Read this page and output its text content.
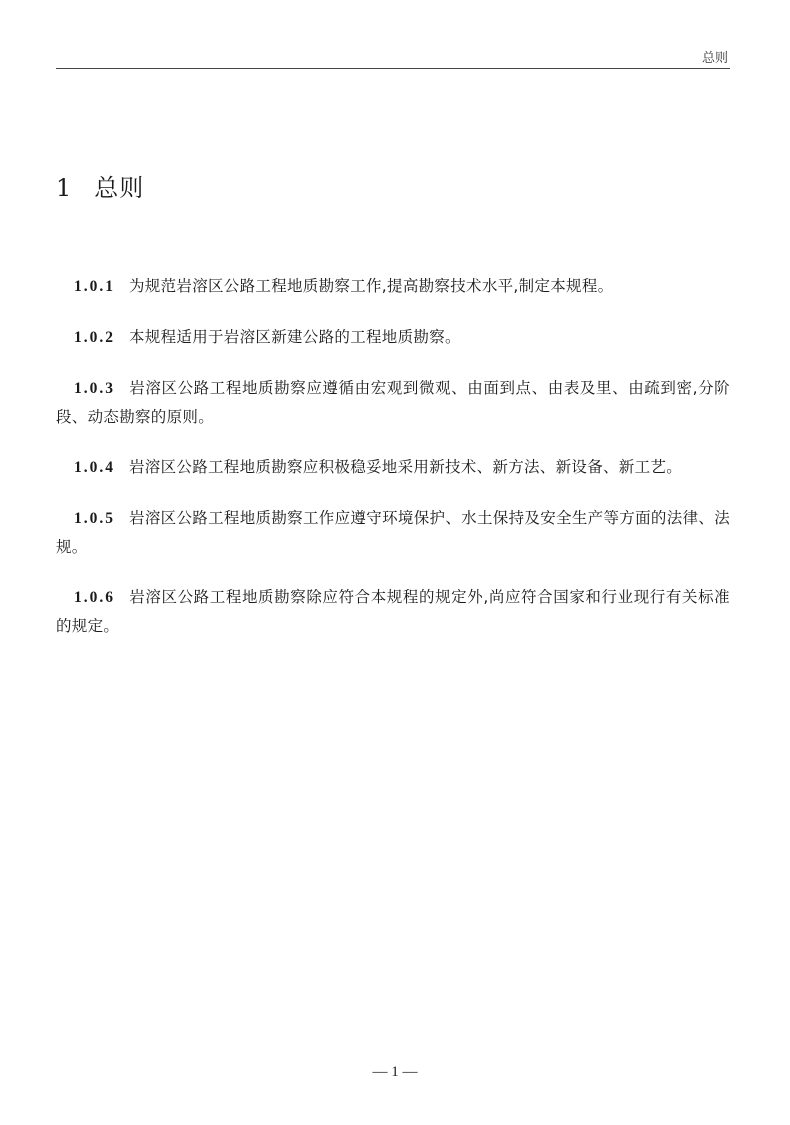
总则
1 总则

1.0.1 为规范岩溶区公路工程地质勘察工作,提高勘察技术水平,制定本规程。

1.0.2 本规程适用于岩溶区新建公路的工程地质勘察。

1.0.3 岩溶区公路工程地质勘察应遵循由宏观到微观、由面到点、由表及里、由疏到密,分阶段、动态勘察的原则。

1.0.4 岩溶区公路工程地质勘察应积极稳妥地采用新技术、新方法、新设备、新工艺。

1.0.5 岩溶区公路工程地质勘察工作应遵守环境保护、水土保持及安全生产等方面的法律、法规。

1.0.6 岩溶区公路工程地质勘察除应符合本规程的规定外,尚应符合国家和行业现行有关标准的规定。

— 1 —
